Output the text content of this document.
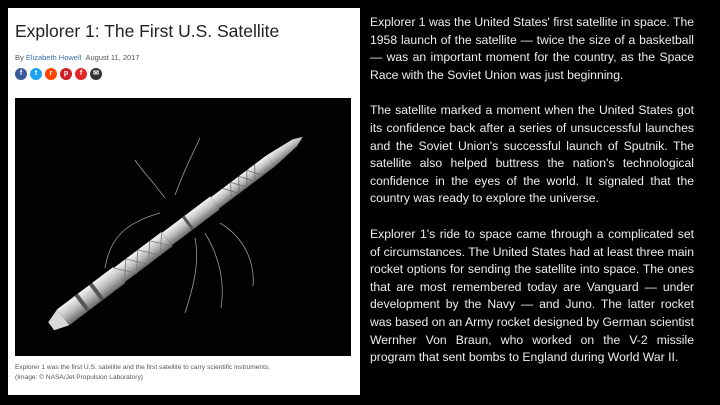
Explorer 1: The First U.S. Satellite
By Elizabeth Howell August 11, 2017
f	t	r	p	f	✉
Explorer 1 was the first U.S. satellite and the first satellite to carry scientific instruments.
(Image: © NASA/Jet Propulsion Laboratory)

Explorer 1 was the United States' first satellite in space. The 1958 launch of the satellite — twice the size of a basketball — was an important moment for the country, as the Space Race with the Soviet Union was just beginning.

The satellite marked a moment when the United States got its confidence back after a series of unsuccessful launches and the Soviet Union's successful launch of Sputnik. The satellite also helped buttress the nation's technological confidence in the eyes of the world. It signaled that the country was ready to explore the universe.

Explorer 1's ride to space came through a complicated set of circumstances. The United States had at least three main rocket options for sending the satellite into space. The ones that are most remembered today are Vanguard — under development by the Navy — and Juno. The latter rocket was based on an Army rocket designed by German scientist Wernher Von Braun, who worked on the V-2 missile program that sent bombs to England during World War II.
